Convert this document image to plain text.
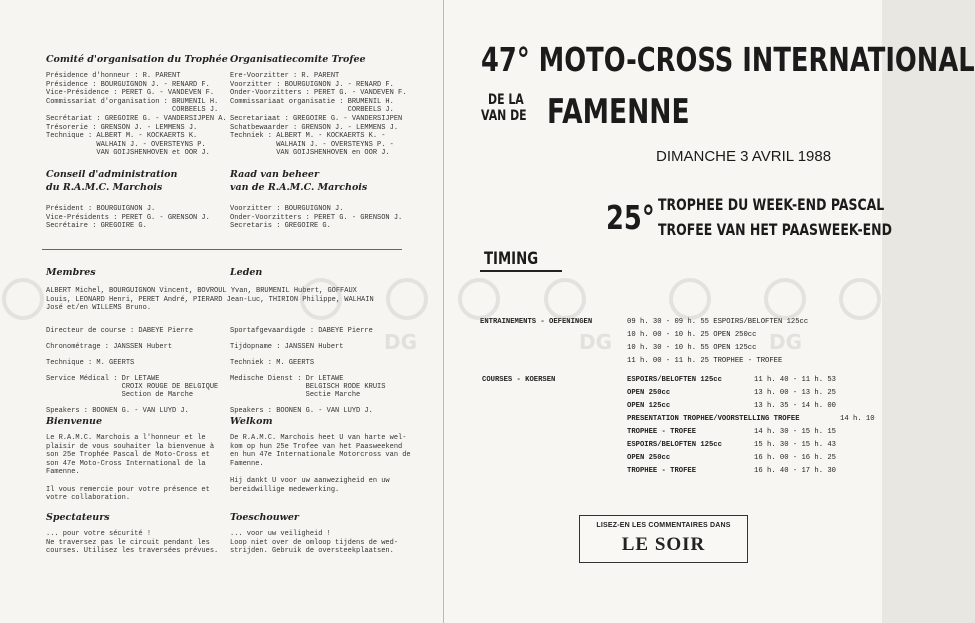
Comité d'organisation du Trophée
Présidence d'honneur : R. PARENT
Présidence : BOURGUIGNON J. - RENARD F.
Vice-Présidence : PERET G. - VANDEVEN F.
Commissariat d'organisation : BRUMENIL H.
CORBEELS J.
Secrétariat : GREGOIRE G. - VANDERSIJPEN A.
Trésorerie : GRENSON J. - LEMMENS J.
Technique : ALBERT M. - KOCKAERTS K.
WALHAIN J. - OVERSTEYNS P.
VAN GOIJSHENHOVEN et OOR J.
Organisatiecomite Trofee
Ere-Voorzitter : R. PARENT
Voorzitter : BOURGUIGNON J. - RENARD F.
Onder-Voorzitters : PERET G. - VANDEVEN F.
Commissariaat organisatie : BRUMENIL H.
CORBEELS J.
Secretariaat : GREGOIRE G. - VANDERSIJPEN
Schatbewaarder : GRENSON J. - LEMMENS J.
Techniek : ALBERT M. - KOCKAERTS K. -
WALHAIN J. - OVERSTEYNS P. -
VAN GOIJSHENHOVEN en OOR J.
Conseil d'administration
du R.A.M.C. Marchois
Président : BOURGUIGNON J.
Vice-Présidents : PERET G. - GRENSON J.
Secrétaire : GREGOIRE G.
Raad van beheer
van de R.A.M.C. Marchois
Voorzitter : BOURGUIGNON J.
Onder-Voorzitters : PERET G. - GRENSON J.
Secretaris : GREGOIRE G.
Membres	Leden
ALBERT Michel, BOURGUIGNON Vincent, BOVROUL Yvan, BRUMENIL Hubert, GOFFAUX
Louis, LEONARD Henri, PERET André, PIERARD Jean-Luc, THIRION Philippe, WALHAIN
José et/en WILLEMS Bruno.
Directeur de course : DABEYE Pierre

Chronométrage : JANSSEN Hubert

Technique : M. GEERTS

Service Médical : Dr LETAWE
CROIX ROUGE DE BELGIQUE
Section de Marche

Speakers : BOONEN G. - VAN LUYD J.
Sportafgevaardigde : DABEYE Pierre

Tijdopname : JANSSEN Hubert

Techniek : M. GEERTS

Medische Dienst : Dr LETAWE
BELGISCH RODE KRUIS
Sectie Marche

Speakers : BOONEN G. - VAN LUYD J.
Bienvenue
Le R.A.M.C. Marchois a l'honneur et le
plaisir de vous souhaiter la bienvenue à
son 25e Trophée Pascal de Moto-Cross et
son 47e Moto-Cross International de la
Famenne.

Il vous remercie pour votre présence et
votre collaboration.
Welkom
De R.A.M.C. Marchois heet U van harte wel-
kom op hun 25e Trofee van het Paasweekend
en hun 47e Internationale Motorcross van de
Famenne.

Hij dankt U voor uw aanwezigheid en uw
bereidwillige medewerking.
Spectateurs
... pour votre sécurité !
Ne traversez pas le circuit pendant les
courses. Utilisez les traversées prévues.
Toeschouwer
... voor uw veiligheid !
Loop niet over de omloop tijdens de wed-
strijden. Gebruik de oversteekplaatsen.
DG
47° MOTO-CROSS INTERNATIONAL
DE LA
VAN DE FAMENNE
DIMANCHE 3 AVRIL 1988
25° TROPHEE DU WEEK-END PASCAL
TROFEE VAN HET PAASWEEK-END
TIMING
ENTRAINEMENTS - OEFENINGEN	09 h. 30 - 09 h. 55 ESPOIRS/BELOFTEN 125cc
10 h. 00 - 10 h. 25 OPEN 250cc
10 h. 30 - 10 h. 55 OPEN 125cc
11 h. 00 - 11 h. 25 TROPHEE - TROFEE
COURSES - KOERSEN	ESPOIRS/BELOFTEN 125cc	11 h. 40 - 11 h. 53
OPEN 250cc	13 h. 00 - 13 h. 25
OPEN 125cc	13 h. 35 - 14 h. 00
PRESENTATION TROPHEE/VOORSTELLING TROFEE	14 h. 10
TROPHEE - TROFEE	14 h. 30 - 15 h. 15
ESPOIRS/BELOFTEN 125cc	15 h. 30 - 15 h. 43
OPEN 250cc	16 h. 00 - 16 h. 25
TROPHEE - TROFEE	16 h. 40 - 17 h. 30
LISEZ-EN LES COMMENTAIRES DANS
LE SOIR
DG	DG
